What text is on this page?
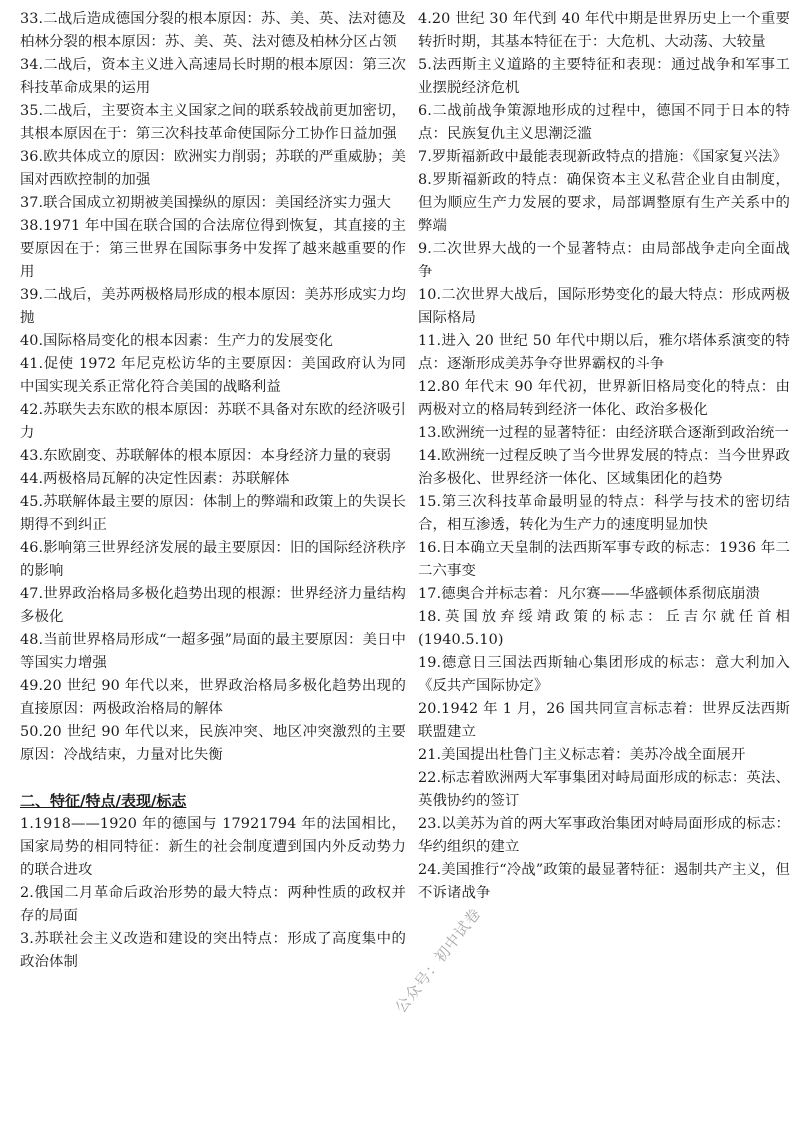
33.二战后造成德国分裂的根本原因：苏、美、英、法对德及柏林分裂的根本原因：苏、美、英、法对德及柏林分区占领

34.二战后，资本主义进入高速局长时期的根本原因：第三次科技革命成果的运用

35.二战后，主要资本主义国家之间的联系较战前更加密切，其根本原因在于：第三次科技革命使国际分工协作日益加强

36.欧共体成立的原因：欧洲实力削弱；苏联的严重威胁；美国对西欧控制的加强

37.联合国成立初期被美国操纵的原因：美国经济实力强大

38.1971 年中国在联合国的合法席位得到恢复，其直接的主要原因在于：第三世界在国际事务中发挥了越来越重要的作用

39.二战后，美苏两极格局形成的根本原因：美苏形成实力均抛

40.国际格局变化的根本因素：生产力的发展变化

41.促使 1972 年尼克松访华的主要原因：美国政府认为同中国实现关系正常化符合美国的战略利益

42.苏联失去东欧的根本原因：苏联不具备对东欧的经济吸引力

43.东欧剧变、苏联解体的根本原因：本身经济力量的衰弱

44.两极格局瓦解的决定性因素：苏联解体

45.苏联解体最主要的原因：体制上的弊端和政策上的失误长期得不到纠正

46.影响第三世界经济发展的最主要原因：旧的国际经济秩序的影响

47.世界政治格局多极化趋势出现的根源：世界经济力量结构多极化

48.当前世界格局形成“一超多强”局面的最主要原因：美日中等国实力增强

49.20 世纪 90 年代以来，世界政治格局多极化趋势出现的直接原因：两极政治格局的解体

50.20 世纪 90 年代以来，民族冲突、地区冲突激烈的主要原因：冷战结束，力量对比失衡

二、特征/特点/表现/标志

1.1918——1920 年的德国与 17921794 年的法国相比，国家局势的相同特征：新生的社会制度遭到国内外反动势力的联合进攻

2.俄国二月革命后政治形势的最大特点：两种性质的政权并存的局面

3.苏联社会主义改造和建设的突出特点：形成了高度集中的政治体制

4.20 世纪 30 年代到 40 年代中期是世界历史上一个重要转折时期，其基本特征在于：大危机、大动荡、大较量

5.法西斯主义道路的主要特征和表现：通过战争和军事工业摆脱经济危机

6.二战前战争策源地形成的过程中，德国不同于日本的特点：民族复仇主义思潮泛滥

7.罗斯福新政中最能表现新政特点的措施：《国家复兴法》

8.罗斯福新政的特点：确保资本主义私营企业自由制度，但为顺应生产力发展的要求，局部调整原有生产关系中的弊端

9.二次世界大战的一个显著特点：由局部战争走向全面战争

10.二次世界大战后，国际形势变化的最大特点：形成两极国际格局

11.进入 20 世纪 50 年代中期以后，雅尔塔体系演变的特点：逐渐形成美苏争夺世界霸权的斗争

12.80 年代末 90 年代初，世界新旧格局变化的特点：由两极对立的格局转到经济一体化、政治多极化

13.欧洲统一过程的显著特征：由经济联合逐渐到政治统一

14.欧洲统一过程反映了当今世界发展的特点：当今世界政治多极化、世界经济一体化、区域集团化的趋势

15.第三次科技革命最明显的特点：科学与技术的密切结合，相互渗透，转化为生产力的速度明显加快

16.日本确立天皇制的法西斯军事专政的标志：1936 年二二六事变

17.德奥合并标志着：凡尔赛——华盛顿体系彻底崩溃

18.英国放弃绥靖政策的标志：丘吉尔就任首相(1940.5.10)

19.德意日三国法西斯轴心集团形成的标志：意大利加入《反共产国际协定》

20.1942 年 1 月，26 国共同宣言标志着：世界反法西斯联盟建立

21.美国提出杜鲁门主义标志着：美苏冷战全面展开

22.标志着欧洲两大军事集团对峙局面形成的标志：英法、英俄协约的签订

23.以美苏为首的两大军事政治集团对峙局面形成的标志：华约组织的建立

24.美国推行“冷战”政策的最显著特征：遏制共产主义，但不诉诸战争

公众号：初中试卷
